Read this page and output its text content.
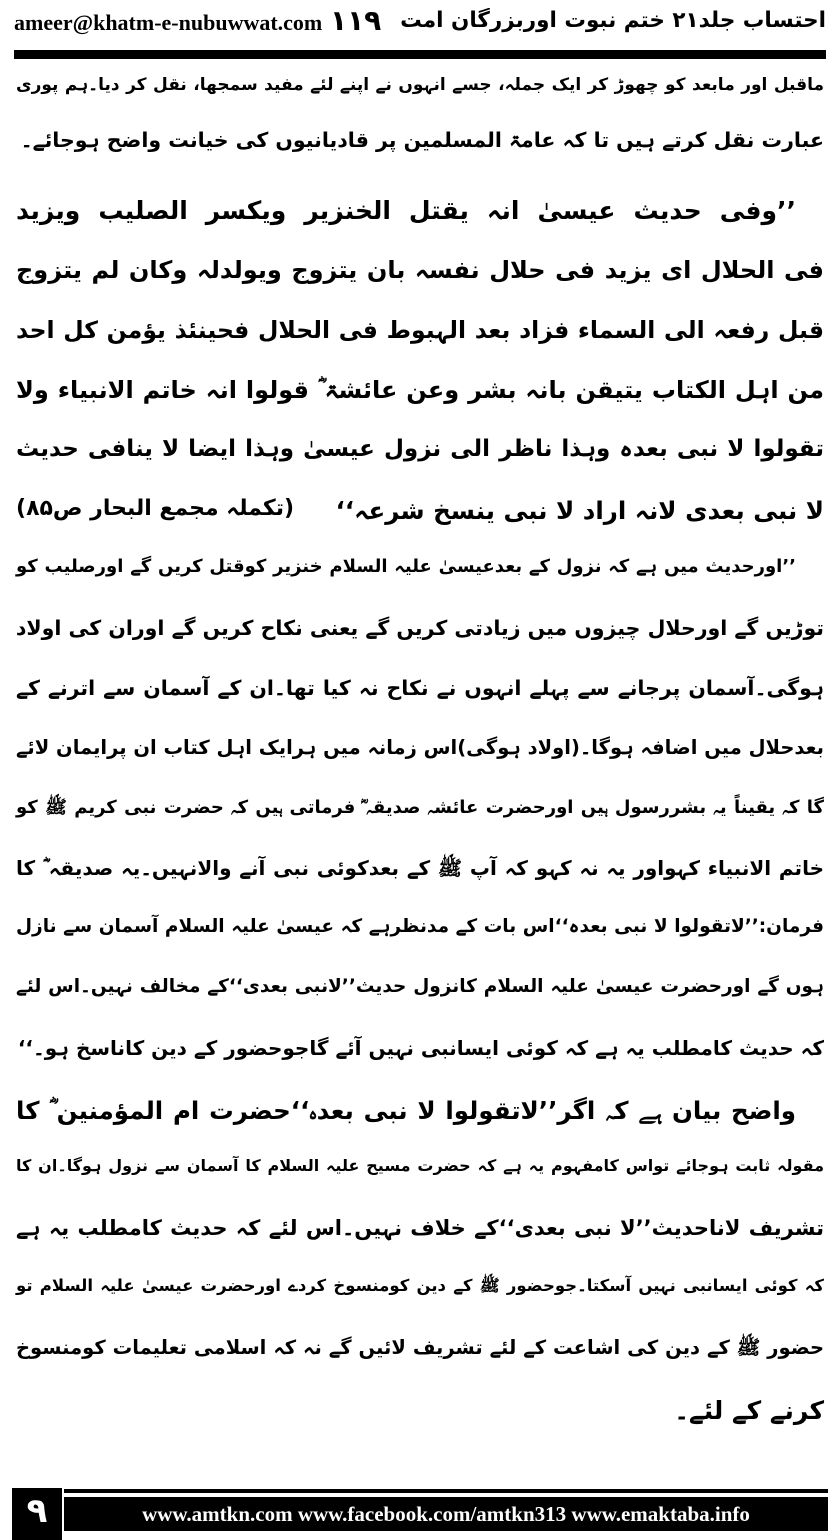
ameer@khatm-e-nubuwwat.com ۱۱۹ احتساب جلد۲۱ ختم نبوت اوربزرگان امت
ماقبل اور مابعد کو چھوڑ کر ایک جملہ، جسے انہوں نے اپنے لئے مفید سمجھا، نقل کر دیا۔ہم پوری
عبارت نقل کرتے ہیں تا کہ عامۃ المسلمین پر قادیانیوں کی خیانت واضح ہوجائے۔
’’وفی حدیث عیسیٰ انہ یقتل الخنزیر ویکسر الصلیب ویزید
فی الحلال ای یزید فی حلال نفسہ بان یتزوج ویولدلہ وکان لم یتزوج
قبل رفعہ الی السماء فزاد بعد الہبوط فی الحلال فحینئذ یؤمن کل احد
من اہل الکتاب یتیقن بانہ بشر وعن عائشۃ ؓ قولوا انہ خاتم الانبیاء ولا
تقولوا لا نبی بعدہ وہذا ناظر الی نزول عیسیٰ وہذا ایضا لا ینافی حدیث
لا نبی بعدی لانہ اراد لا نبی ینسخ شرعہ‘‘
(تکملہ مجمع البحار ص۸۵)
’’اورحدیث میں ہے کہ نزول کے بعدعیسیٰ علیہ السلام خنزیر کوقتل کریں گے اورصلیب کو
توڑیں گے اورحلال چیزوں میں زیادتی کریں گے یعنی نکاح کریں گے اوران کی اولاد
ہوگی۔آسمان پرجانے سے پہلے انہوں نے نکاح نہ کیا تھا۔ان کے آسمان سے اترنے کے
بعدحلال میں اضافہ ہوگا۔(اولاد ہوگی)اس زمانہ میں ہرایک اہل کتاب ان پرایمان لائے
گا کہ یقیناً یہ بشررسول ہیں اورحضرت عائشہ صدیقہ ؓ فرماتی ہیں کہ حضرت نبی کریم ﷺ کو
خاتم الانبیاء کہواور یہ نہ کہو کہ آپ ﷺ کے بعدکوئی نبی آنے والانہیں۔یہ صدیقہ ؓ کا
فرمان:’’لاتقولوا لا نبی بعدہ‘‘اس بات کے مدنظرہے کہ عیسیٰ علیہ السلام آسمان سے نازل
ہوں گے اورحضرت عیسیٰ علیہ السلام کانزول حدیث’’لانبی بعدی‘‘کے مخالف نہیں۔اس لئے
کہ حدیث کامطلب یہ ہے کہ کوئی ایسانبی نہیں آئے گاجوحضور کے دین کاناسخ ہو۔‘‘
واضح بیان ہے کہ اگر’’لاتقولوا لا نبی بعدہ‘‘حضرت ام المؤمنین ؓ کا
مقولہ ثابت ہوجائے تواس کامفہوم یہ ہے کہ حضرت مسیح علیہ السلام کا آسمان سے نزول ہوگا۔ان کا
تشریف لاناحدیث’’لا نبی بعدی‘‘کے خلاف نہیں۔اس لئے کہ حدیث کامطلب یہ ہے
کہ کوئی ایسانبی نہیں آسکتا۔جوحضور ﷺ کے دین کومنسوخ کردے اورحضرت عیسیٰ علیہ السلام تو
حضور ﷺ کے دین کی اشاعت کے لئے تشریف لائیں گے نہ کہ اسلامی تعلیمات کومنسوخ
کرنے کے لئے۔
٩	www.amtkn.com www.facebook.com/amtkn313 www.emaktaba.info
